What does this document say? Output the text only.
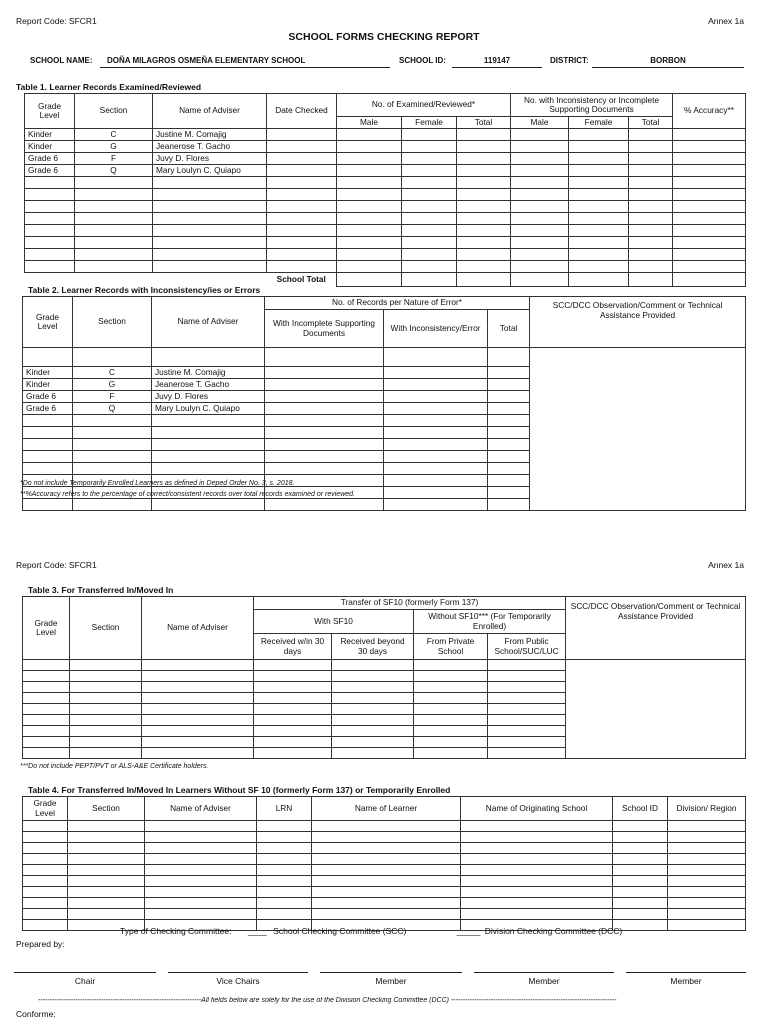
Report Code: SFCR1	Annex 1a
SCHOOL FORMS CHECKING REPORT
SCHOOL NAME: DOÑA MILAGROS OSMEÑA ELEMENTARY SCHOOL	SCHOOL ID:	119147	DISTRICT:	BORBON
Table 1. Learner Records Examined/Reviewed
Grade Level	Section	Name of Adviser	Date Checked	No. of Examined/Reviewed*			No. with Inconsistency or Incomplete Supporting Documents			% Accuracy**
				Male	Female	Total	Male	Female	Total	
Kinder	C	Justine M. Comajig								
Kinder	G	Jeanerose T. Gacho								
Grade 6	F	Juvy D. Flores								
Grade 6	Q	Mary Loulyn C. Quiapo								

			School Total							
Table 2. Learner Records with Inconsistency/ies or Errors
Grade Level	Section	Name of Adviser	No. of Records per Nature of Error*			SCC/DCC Observation/Comment or Technical Assistance Provided
			With Incomplete Supporting Documents	With Inconsistency/Error	Total	

Kinder	C	Justine M. Comajig				
Kinder	G	Jeanerose T. Gacho				
Grade 6	F	Juvy D. Flores				
Grade 6	Q	Mary Loulyn C. Quiapo				

*Do not include Temporarily Enrolled Learners as defined in Deped Order No. 3, s. 2018.
**%Accuracy refers to the percentage of correct/consistent records over total records examined or reviewed.
Report Code: SFCR1	Annex 1a
Table 3. For Transferred In/Moved In
Grade Level	Section	Name of Adviser	Transfer of SF10 (formerly Form 137)				SCC/DCC Observation/Comment or Technical Assistance Provided
			With SF10		Without SF10*** (For Temporarily Enrolled)		
			Received w/in 30 days	Received beyond 30 days	From Private School	From Public School/SUC/LUC	

***Do not include PEPT/PVT or ALS-A&E Certificate holders.
Table 4. For Transferred In/Moved In Learners Without SF 10 (formerly Form 137) or Temporarily Enrolled
Grade Level	Section	Name of Adviser	LRN	Name of Learner	Name of Originating School	School ID	Division/ Region

Type of Checking Committee: ____ School Checking Committee (SCC)	_____ Division Checking Committee (DCC)
Prepared by:
Chair	Vice Chairs	Member	Member	Member
----------------------------------------------------------------------All fields below are solely for the use of the Division Checking Committee (DCC) -----------------------------------------------------------------------
Conforme:
